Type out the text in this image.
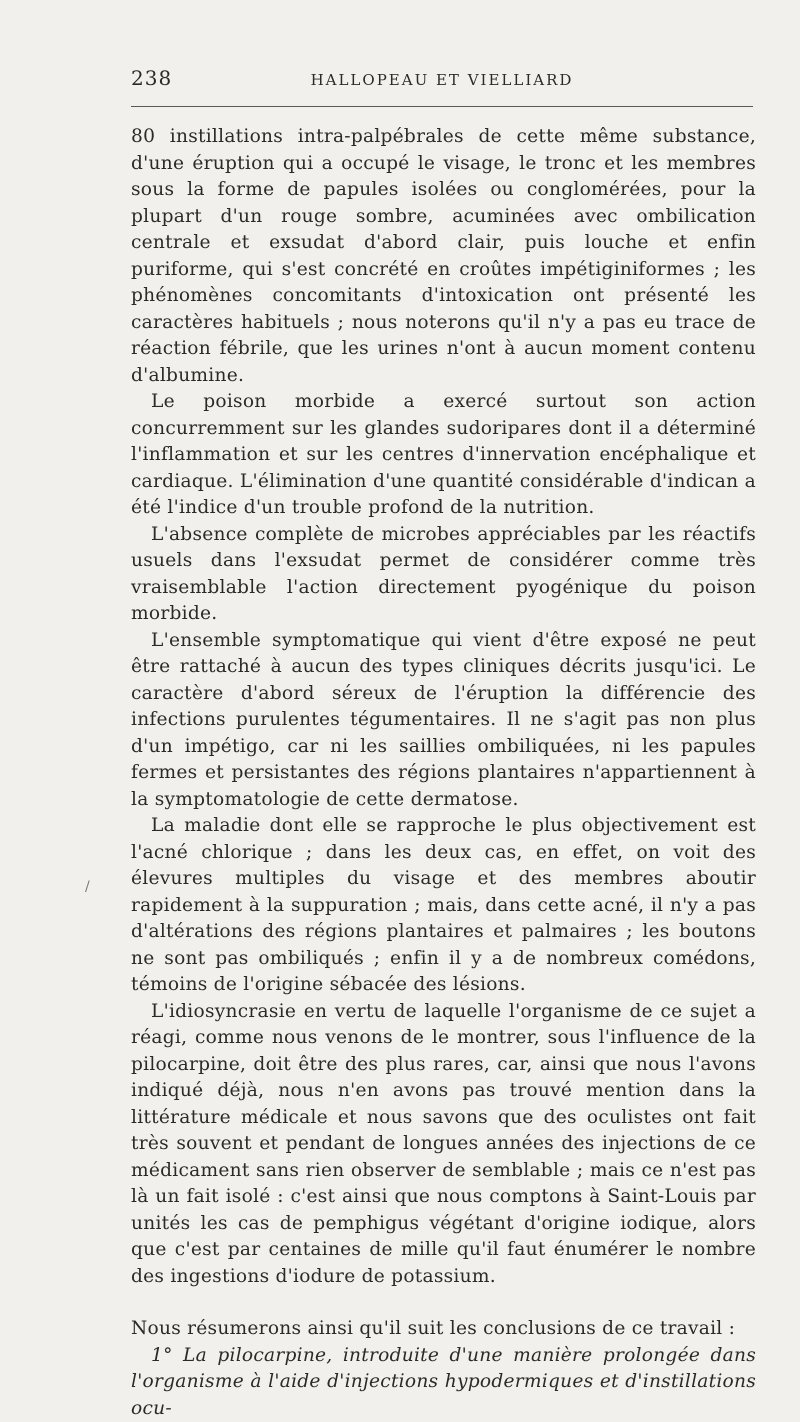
238	HALLOPEAU ET VIELLIARD

80 instillations intra-palpébrales de cette même substance, d'une éruption qui a occupé le visage, le tronc et les membres sous la forme de papules isolées ou conglomérées, pour la plupart d'un rouge sombre, acuminées avec ombilication centrale et exsudat d'abord clair, puis louche et enfin puriforme, qui s'est concrété en croûtes impétiginiformes ; les phénomènes concomitants d'intoxication ont présenté les caractères habituels ; nous noterons qu'il n'y a pas eu trace de réaction fébrile, que les urines n'ont à aucun moment contenu d'albumine.

Le poison morbide a exercé surtout son action concurremment sur les glandes sudoripares dont il a déterminé l'inflammation et sur les centres d'innervation encéphalique et cardiaque. L'élimination d'une quantité considérable d'indican a été l'indice d'un trouble profond de la nutrition.

L'absence complète de microbes appréciables par les réactifs usuels dans l'exsudat permet de considérer comme très vraisemblable l'action directement pyogénique du poison morbide.

L'ensemble symptomatique qui vient d'être exposé ne peut être rattaché à aucun des types cliniques décrits jusqu'ici. Le caractère d'abord séreux de l'éruption la différencie des infections purulentes tégumentaires. Il ne s'agit pas non plus d'un impétigo, car ni les saillies ombiliquées, ni les papules fermes et persistantes des régions plantaires n'appartiennent à la symptomatologie de cette dermatose.

La maladie dont elle se rapproche le plus objectivement est l'acné chlorique ; dans les deux cas, en effet, on voit des élevures multiples du visage et des membres aboutir rapidement à la suppuration ; mais, dans cette acné, il n'y a pas d'altérations des régions plantaires et palmaires ; les boutons ne sont pas ombiliqués ; enfin il y a de nombreux comédons, témoins de l'origine sébacée des lésions.

L'idiosyncrasie en vertu de laquelle l'organisme de ce sujet a réagi, comme nous venons de le montrer, sous l'influence de la pilocarpine, doit être des plus rares, car, ainsi que nous l'avons indiqué déjà, nous n'en avons pas trouvé mention dans la littérature médicale et nous savons que des oculistes ont fait très souvent et pendant de longues années des injections de ce médicament sans rien observer de semblable ; mais ce n'est pas là un fait isolé : c'est ainsi que nous comptons à Saint-Louis par unités les cas de pemphigus végétant d'origine iodique, alors que c'est par centaines de mille qu'il faut énumérer le nombre des ingestions d'iodure de potassium.

Nous résumerons ainsi qu'il suit les conclusions de ce travail :

1° La pilocarpine, introduite d'une manière prolongée dans l'organisme à l'aide d'injections hypodermiques et d'instillations ocu-

/
